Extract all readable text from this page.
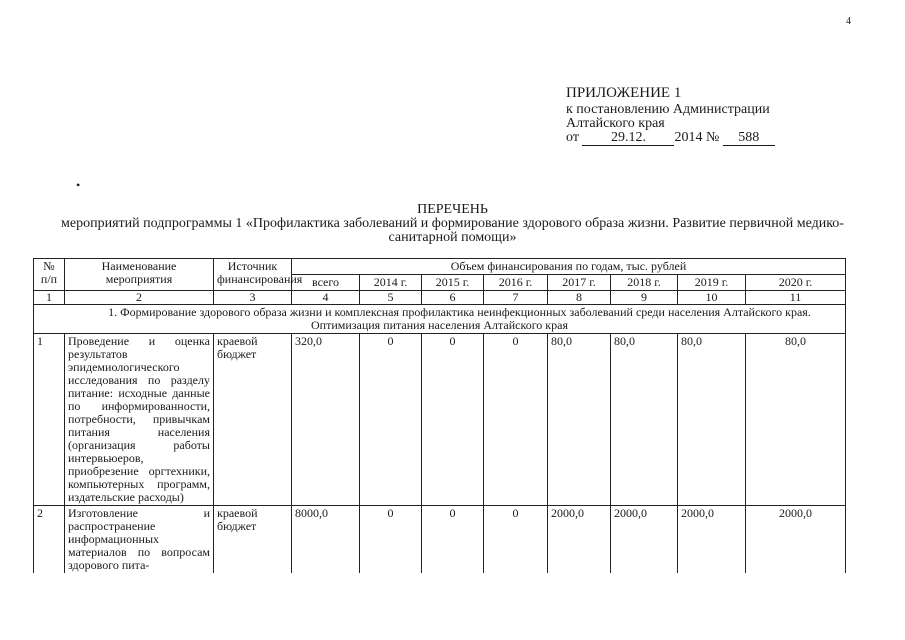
4
ПРИЛОЖЕНИЕ 1
к постановлению Администрации
Алтайского края
от 29.12. 2014 № 588
•
ПЕРЕЧЕНЬ
мероприятий подпрограммы 1 «Профилактика заболеваний и формирование здорового образа жизни. Развитие первичной медико-санитарной помощи»
№ п/п	Наименование мероприятия	Источник финансирования	Объем финансирования по годам, тыс. рублей							
			всего	2014 г.	2015 г.	2016 г.	2017 г.	2018 г.	2019 г.	2020 г.
1	2	3	4	5	6	7	8	9	10	11

1. Формирование здорового образа жизни и комплексная профилактика неинфекционных заболеваний среди населения Алтайского края.
Оптимизация питания населения Алтайского края										

1	Проведение и оценка результатов эпидемиологического исследования по разделу питание: исходные данные по информированности, потребности, привычкам питания населения (организация работы интервьюеров, приобрезение оргтехники, компьютерных программ, издательские расходы)	краевой бюджет	320,0	0	0	0	80,0	80,0	80,0	80,0
2	Изготовление и распространение информационных материалов по вопросам здорового пита-	краевой бюджет	8000,0	0	0	0	2000,0	2000,0	2000,0	2000,0
